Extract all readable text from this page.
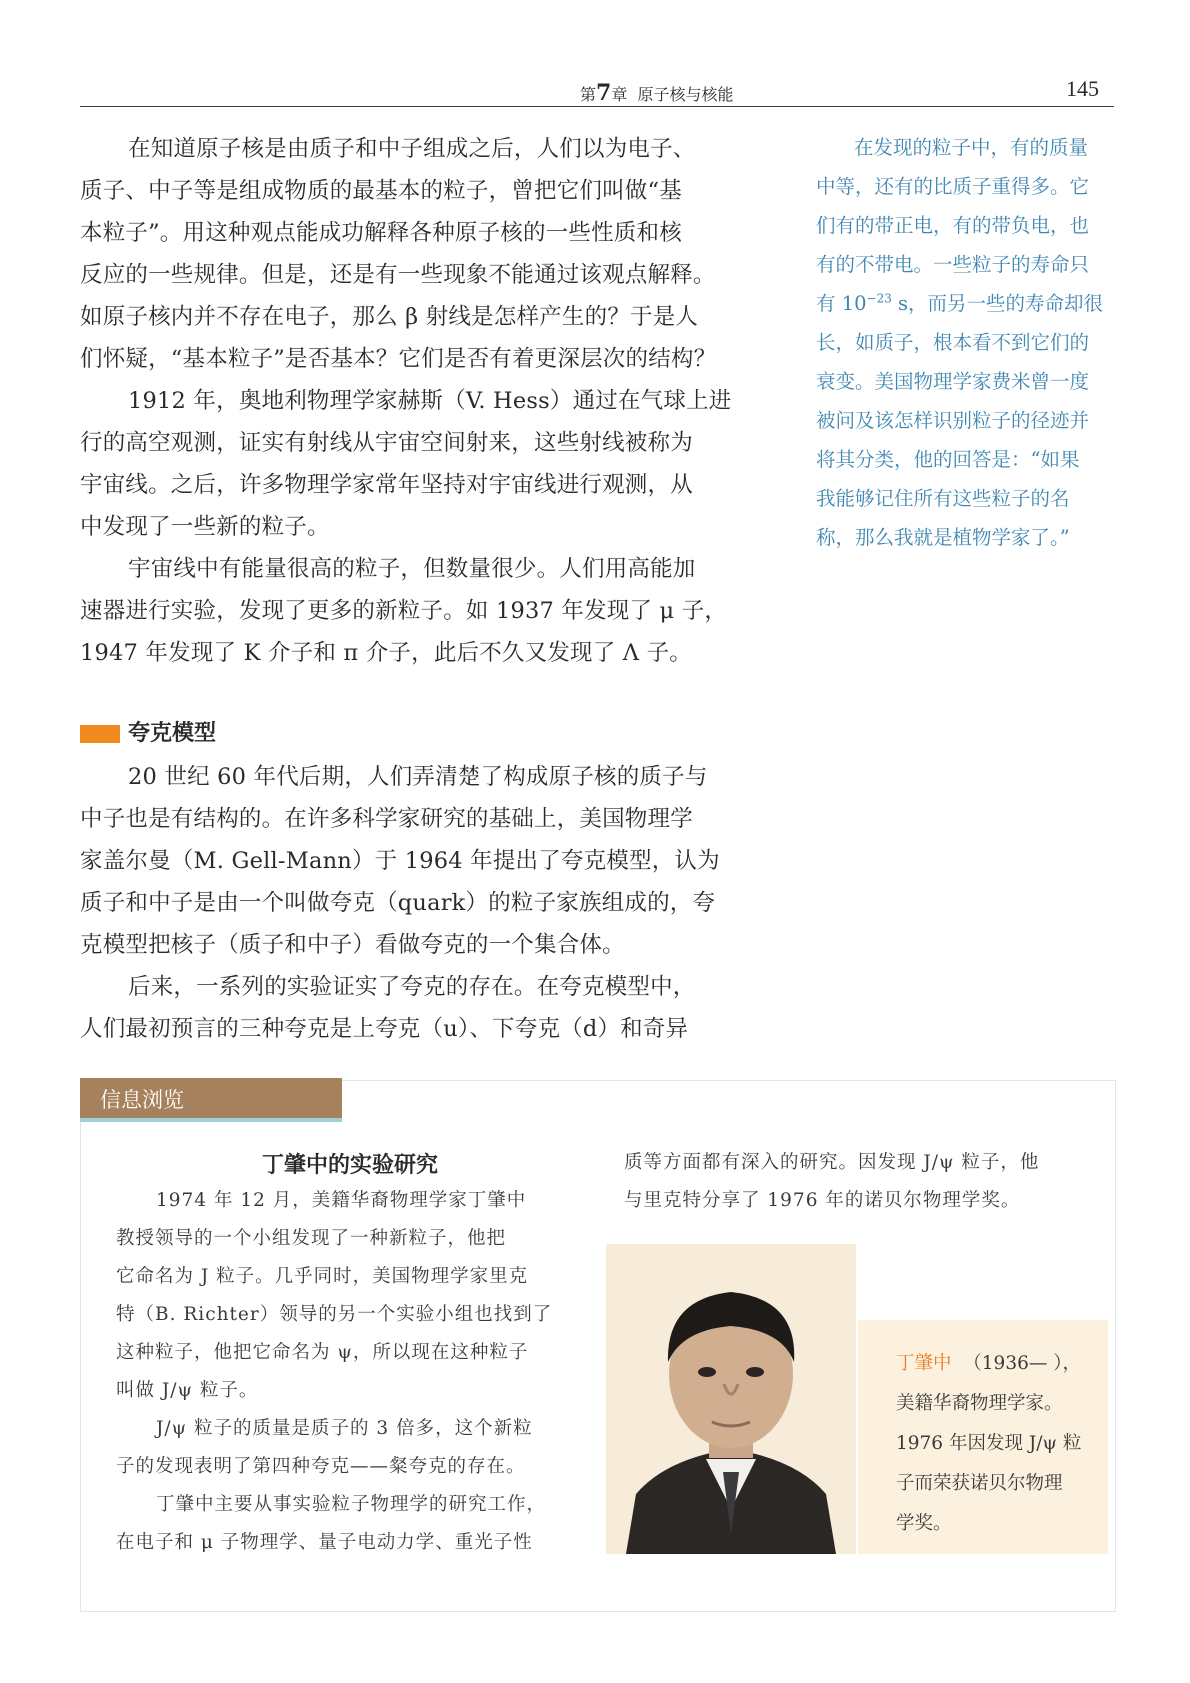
第7章 原子核与核能	145
在知道原子核是由质子和中子组成之后，人们以为电子、
质子、中子等是组成物质的最基本的粒子，曾把它们叫做“基
本粒子”。用这种观点能成功解释各种原子核的一些性质和核
反应的一些规律。但是，还是有一些现象不能通过该观点解释。
如原子核内并不存在电子，那么 β 射线是怎样产生的？于是人
们怀疑，“基本粒子”是否基本？它们是否有着更深层次的结构？
1912 年，奥地利物理学家赫斯（V. Hess）通过在气球上进
行的高空观测，证实有射线从宇宙空间射来，这些射线被称为
宇宙线。之后，许多物理学家常年坚持对宇宙线进行观测，从
中发现了一些新的粒子。
宇宙线中有能量很高的粒子，但数量很少。人们用高能加
速器进行实验，发现了更多的新粒子。如 1937 年发现了 μ 子，
1947 年发现了 K 介子和 π 介子，此后不久又发现了 Λ 子。
夸克模型
20 世纪 60 年代后期，人们弄清楚了构成原子核的质子与
中子也是有结构的。在许多科学家研究的基础上，美国物理学
家盖尔曼（M. Gell-Mann）于 1964 年提出了夸克模型，认为
质子和中子是由一个叫做夸克（quark）的粒子家族组成的，夸
克模型把核子（质子和中子）看做夸克的一个集合体。
后来，一系列的实验证实了夸克的存在。在夸克模型中，
人们最初预言的三种夸克是上夸克（u）、下夸克（d）和奇异
在发现的粒子中，有的质量
中等，还有的比质子重得多。它
们有的带正电，有的带负电，也
有的不带电。一些粒子的寿命只
有 $10^{-23}$ s，而另一些的寿命却很
长，如质子，根本看不到它们的
衰变。美国物理学家费米曾一度
被问及该怎样识别粒子的径迹并
将其分类，他的回答是：“如果
我能够记住所有这些粒子的名
称，那么我就是植物学家了。”
信息浏览
丁肇中的实验研究
1974 年 12 月，美籍华裔物理学家丁肇中
教授领导的一个小组发现了一种新粒子，他把
它命名为 J 粒子。几乎同时，美国物理学家里克
特（B. Richter）领导的另一个实验小组也找到了
这种粒子，他把它命名为 ψ，所以现在这种粒子
叫做 J/ψ 粒子。
J/ψ 粒子的质量是质子的 3 倍多，这个新粒
子的发现表明了第四种夸克——粲夸克的存在。
丁肇中主要从事实验粒子物理学的研究工作，
在电子和 μ 子物理学、量子电动力学、重光子性
质等方面都有深入的研究。因发现 J/ψ 粒子，他
与里克特分享了 1976 年的诺贝尔物理学奖。
丁肇中 （1936— ），
美籍华裔物理学家。
1976 年因发现 J/ψ 粒
子而荣获诺贝尔物理
学奖。
